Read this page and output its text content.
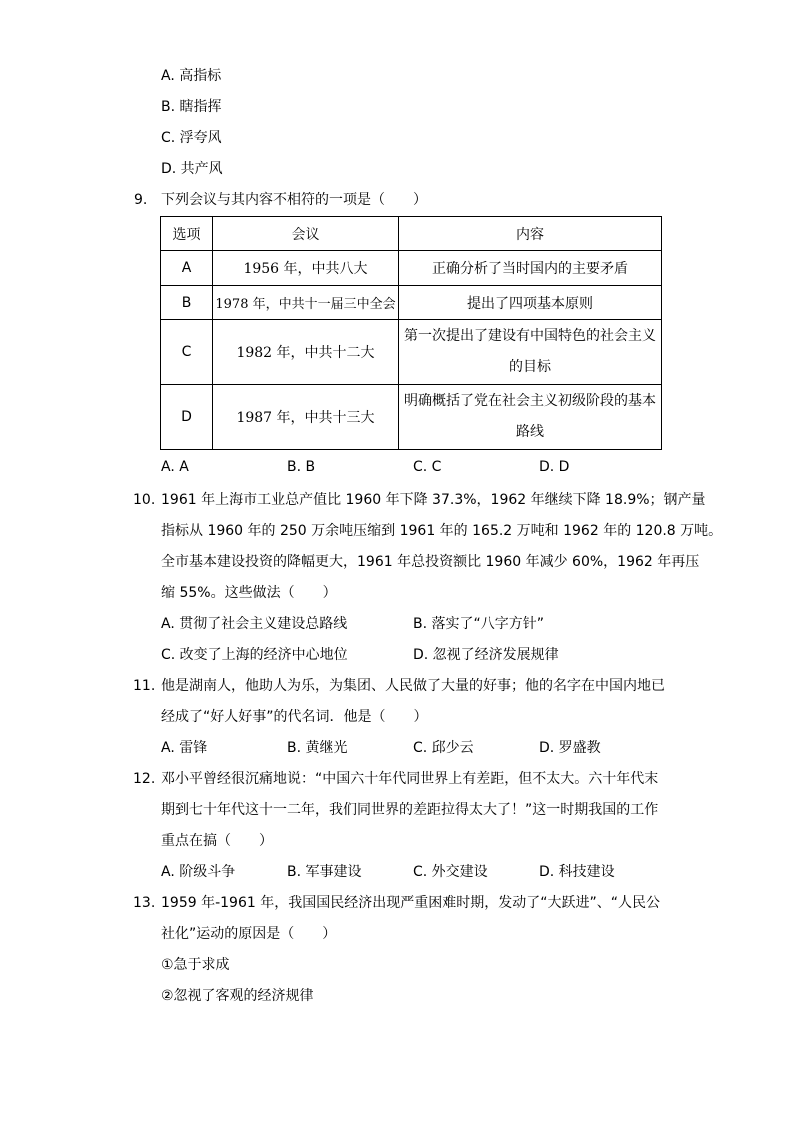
A. 高指标
B. 瞎指挥
C. 浮夸风
D. 共产风
9. 下列会议与其内容不相符的一项是（　　）
选项	会议	内容
A	1956 年，中共八大	正确分析了当时国内的主要矛盾
B	1978 年，中共十一届三中全会	提出了四项基本原则
C	1982 年，中共十二大	第一次提出了建设有中国特色的社会主义
的目标

D	1987 年，中共十三大	明确概括了党在社会主义初级阶段的基本
路线
A. A	B. B	C. C	D. D
10. 1961 年上海市工业总产值比 1960 年下降 37.3%，1962 年继续下降 18.9%；钢产量
指标从 1960 年的 250 万余吨压缩到 1961 年的 165.2 万吨和 1962 年的 120.8 万吨。
全市基本建设投资的降幅更大，1961 年总投资额比 1960 年减少 60%，1962 年再压
缩 55%。这些做法（　　）
A. 贯彻了社会主义建设总路线	B. 落实了“八字方针”
C. 改变了上海的经济中心地位	D. 忽视了经济发展规律
11. 他是湖南人，他助人为乐，为集团、人民做了大量的好事；他的名字在中国内地已
经成了“好人好事”的代名词．他是（　　）
A. 雷锋	B. 黄继光	C. 邱少云	D. 罗盛教
12. 邓小平曾经很沉痛地说：“中国六十年代同世界上有差距，但不太大。六十年代末
期到七十年代这十一二年，我们同世界的差距拉得太大了！”这一时期我国的工作
重点在搞（　　）
A. 阶级斗争	B. 军事建设	C. 外交建设	D. 科技建设
13. 1959 年-1961 年，我国国民经济出现严重困难时期，发动了“大跃进”、“人民公
社化”运动的原因是（　　）
①急于求成
②忽视了客观的经济规律
